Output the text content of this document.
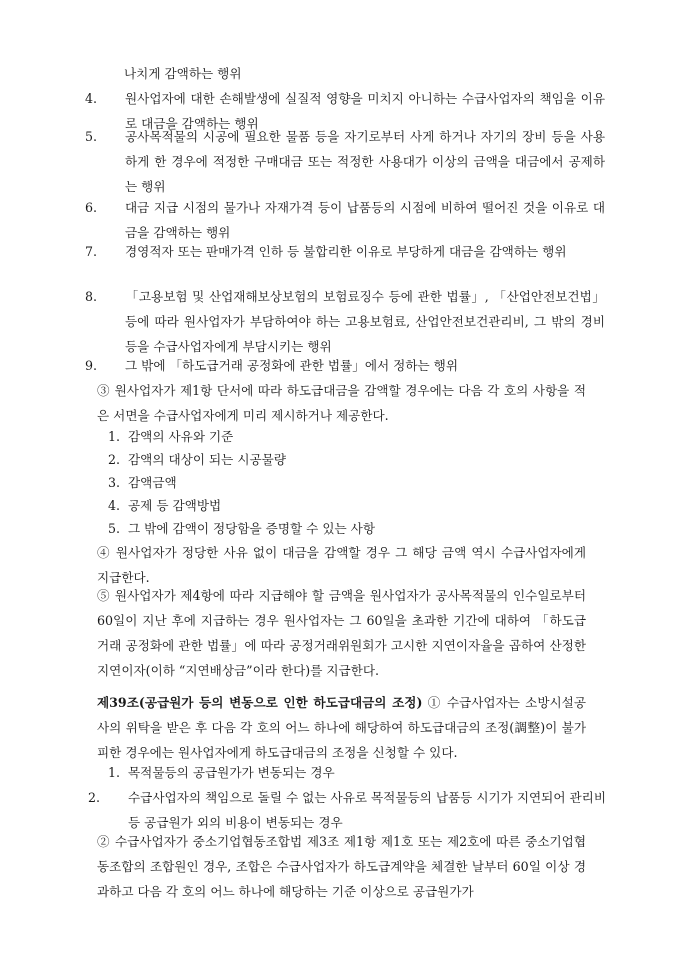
나치게 감액하는 행위

4. 원사업자에 대한 손해발생에 실질적 영향을 미치지 아니하는 수급사업자의 책임을 이유로 대금을 감액하는 행위

5. 공사목적물의 시공에 필요한 물품 등을 자기로부터 사게 하거나 자기의 장비 등을 사용하게 한 경우에 적정한 구매대금 또는 적정한 사용대가 이상의 금액을 대금에서 공제하는 행위

6. 대금 지급 시점의 물가나 자재가격 등이 납품등의 시점에 비하여 떨어진 것을 이유로 대금을 감액하는 행위

7. 경영적자 또는 판매가격 인하 등 불합리한 이유로 부당하게 대금을 감액하는 행위

8. 「고용보험 및 산업재해보상보험의 보험료징수 등에 관한 법률」, 「산업안전보건법」 등에 따라 원사업자가 부담하여야 하는 고용보험료, 산업안전보건관리비, 그 밖의 경비 등을 수급사업자에게 부담시키는 행위

9. 그 밖에 「하도급거래 공정화에 관한 법률」에서 정하는 행위

③ 원사업자가 제1항 단서에 따라 하도급대금을 감액할 경우에는 다음 각 호의 사항을 적은 서면을 수급사업자에게 미리 제시하거나 제공한다.

1. 감액의 사유와 기준

2. 감액의 대상이 되는 시공물량

3. 감액금액

4. 공제 등 감액방법

5. 그 밖에 감액이 정당함을 증명할 수 있는 사항

④ 원사업자가 정당한 사유 없이 대금을 감액할 경우 그 해당 금액 역시 수급사업자에게 지급한다.

⑤ 원사업자가 제4항에 따라 지급해야 할 금액을 원사업자가 공사목적물의 인수일로부터 60일이 지난 후에 지급하는 경우 원사업자는 그 60일을 초과한 기간에 대하여 「하도급거래 공정화에 관한 법률」에 따라 공정거래위원회가 고시한 지연이자율을 곱하여 산정한 지연이자(이하 “지연배상금”이라 한다)를 지급한다.

제39조(공급원가 등의 변동으로 인한 하도급대금의 조정) ① 수급사업자는 소방시설공사의 위탁을 받은 후 다음 각 호의 어느 하나에 해당하여 하도급대금의 조정(調整)이 불가피한 경우에는 원사업자에게 하도급대금의 조정을 신청할 수 있다.

1. 목적물등의 공급원가가 변동되는 경우

2. 수급사업자의 책임으로 돌릴 수 없는 사유로 목적물등의 납품등 시기가 지연되어 관리비 등 공급원가 외의 비용이 변동되는 경우

② 수급사업자가 중소기업협동조합법 제3조 제1항 제1호 또는 제2호에 따른 중소기업협동조합의 조합원인 경우, 조합은 수급사업자가 하도급계약을 체결한 날부터 60일 이상 경과하고 다음 각 호의 어느 하나에 해당하는 기준 이상으로 공급원가가
